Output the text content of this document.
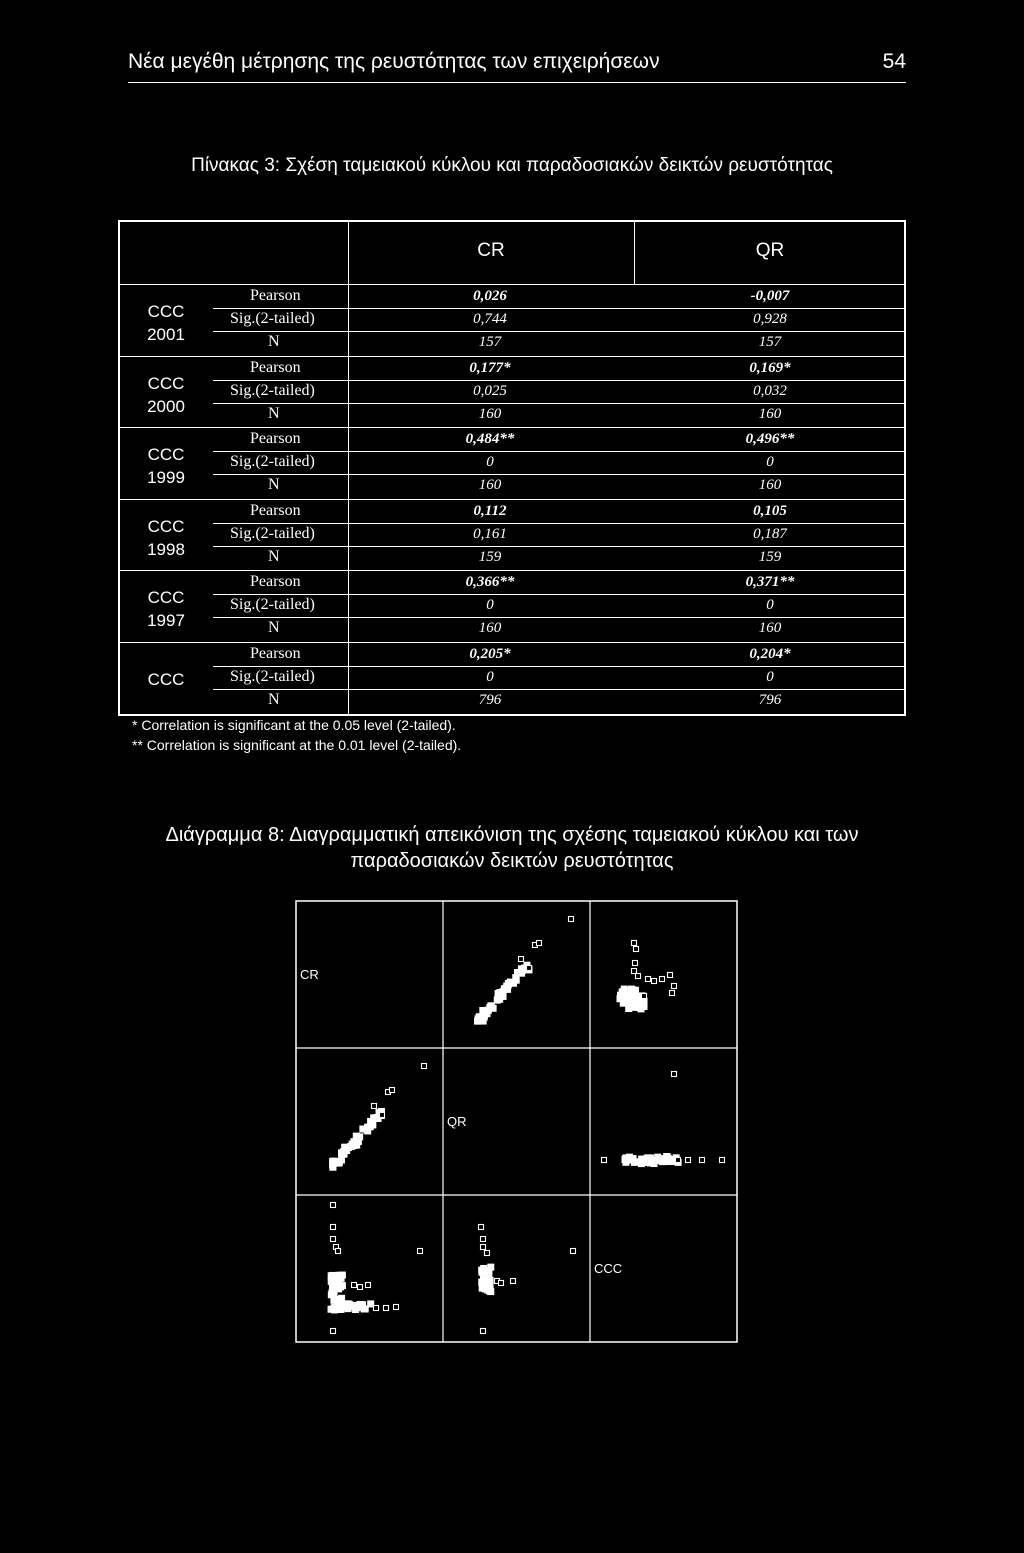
Νέα μεγέθη μέτρησης της ρευστότητας των επιχειρήσεων	54
Πίνακας 3: Σχέση ταμειακού κύκλου και παραδοσιακών δεικτών ρευστότητας
CR	QR
CCC
2001
Pearson	0,026	-0,007
Sig.(2-tailed)	0,744	0,928
N	157	157
CCC
2000
Pearson	0,177*	0,169*
Sig.(2-tailed)	0,025	0,032
N	160	160
CCC
1999
Pearson	0,484**	0,496**
Sig.(2-tailed)	0	0
N	160	160
CCC
1998
Pearson	0,112	0,105
Sig.(2-tailed)	0,161	0,187
N	159	159
CCC
1997
Pearson	0,366**	0,371**
Sig.(2-tailed)	0	0
N	160	160
CCC
Pearson	0,205*	0,204*
Sig.(2-tailed)	0	0
N	796	796
* Correlation is significant at the 0.05 level (2-tailed).
** Correlation is significant at the 0.01 level (2-tailed).
Διάγραμμα 8: Διαγραμματική απεικόνιση της σχέσης ταμειακού κύκλου και των
παραδοσιακών δεικτών ρευστότητας
CR
QR
CCC
